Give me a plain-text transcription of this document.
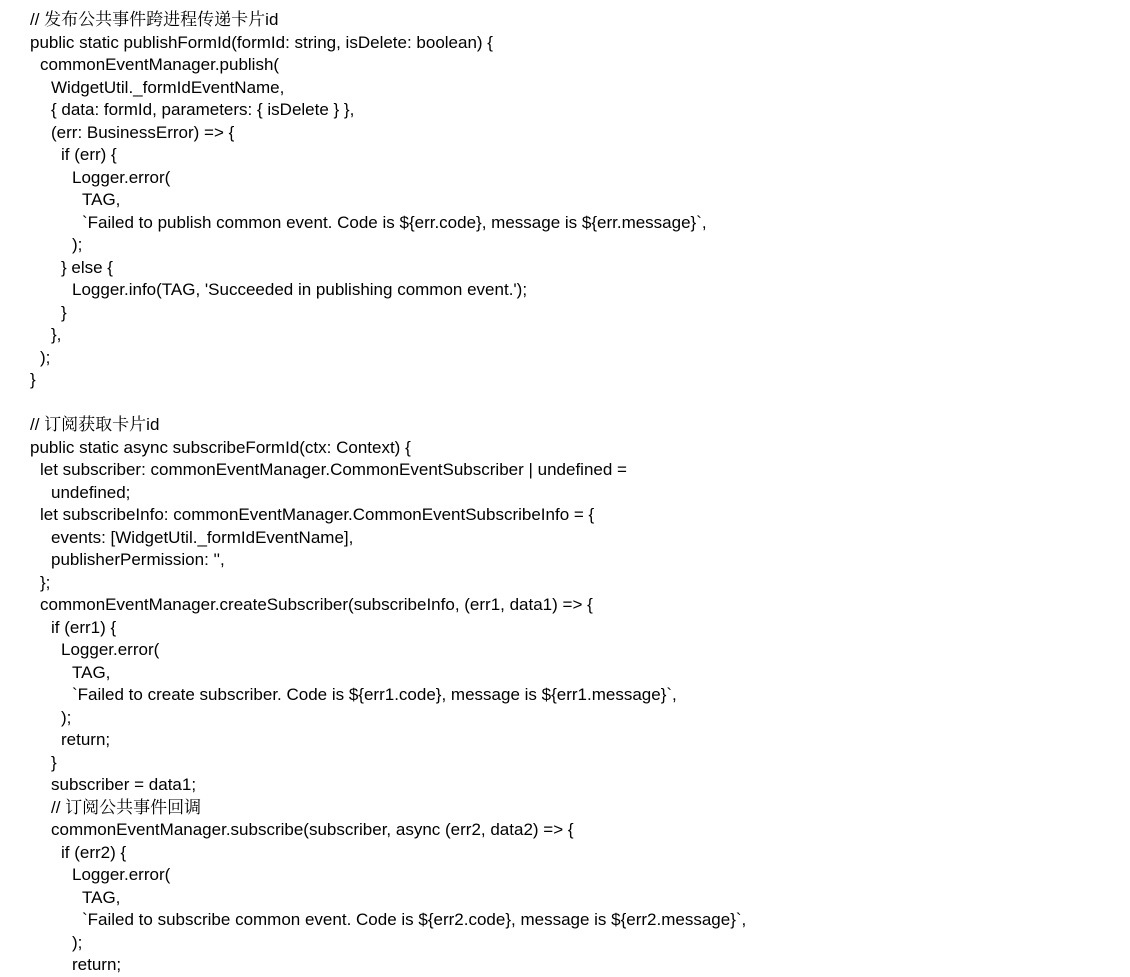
// 发布公共事件跨进程传递卡片id
public static publishFormId(formId: string, isDelete: boolean) {
commonEventManager.publish(
WidgetUtil._formIdEventName,
{ data: formId, parameters: { isDelete } },
(err: BusinessError) => {
if (err) {
Logger.error(
TAG,
`Failed to publish common event. Code is ${err.code}, message is ${err.message}`,
);
} else {
Logger.info(TAG, 'Succeeded in publishing common event.');
}
},
);
}
// 订阅获取卡片id
public static async subscribeFormId(ctx: Context) {
let subscriber: commonEventManager.CommonEventSubscriber | undefined =
undefined;
let subscribeInfo: commonEventManager.CommonEventSubscribeInfo = {
events: [WidgetUtil._formIdEventName],
publisherPermission: '',
};
commonEventManager.createSubscriber(subscribeInfo, (err1, data1) => {
if (err1) {
Logger.error(
TAG,
`Failed to create subscriber. Code is ${err1.code}, message is ${err1.message}`,
);
return;
}
subscriber = data1;
// 订阅公共事件回调
commonEventManager.subscribe(subscriber, async (err2, data2) => {
if (err2) {
Logger.error(
TAG,
`Failed to subscribe common event. Code is ${err2.code}, message is ${err2.message}`,
);
return;
